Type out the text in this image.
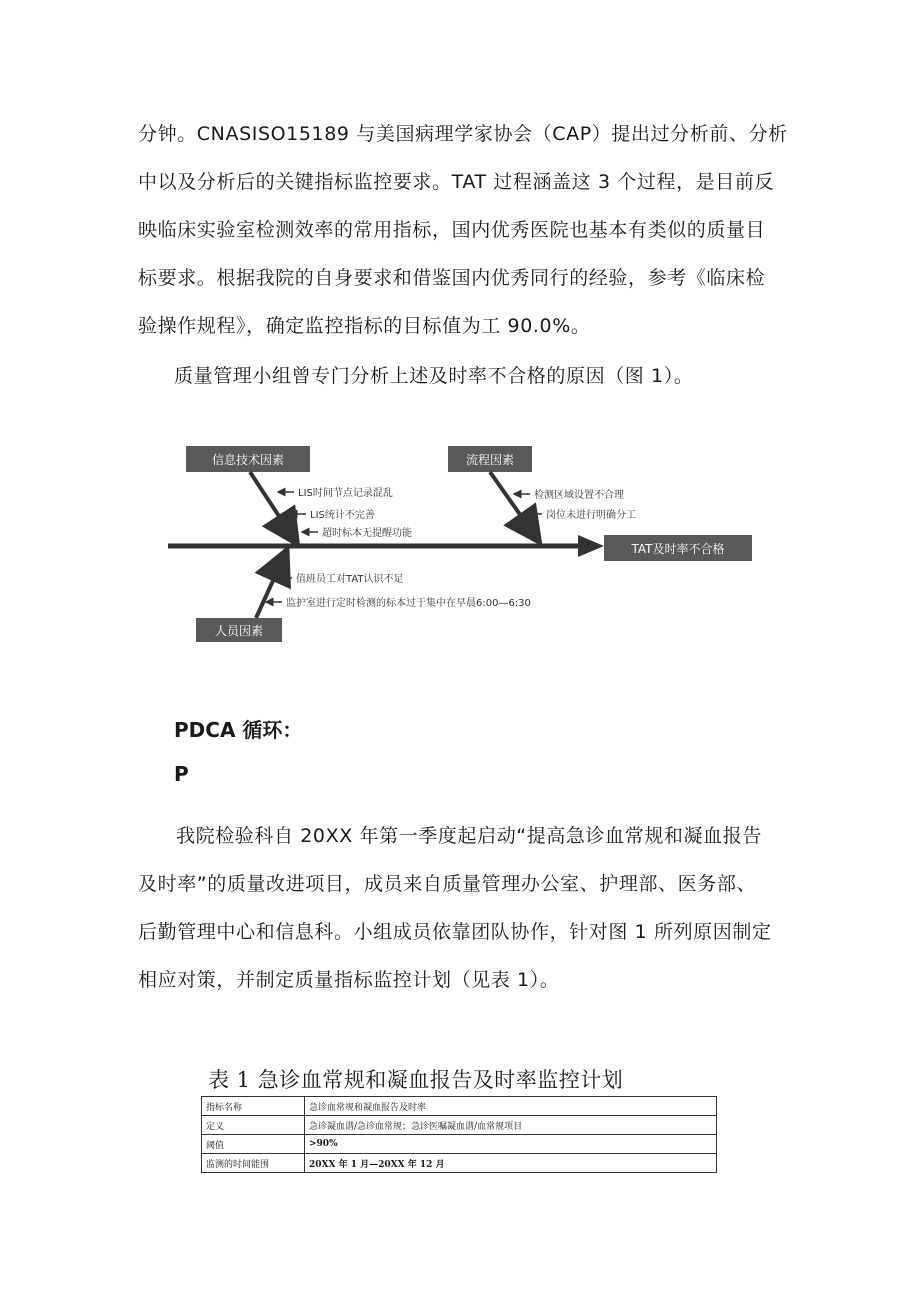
分钟。CNASISO15189 与美国病理学家协会（CAP）提出过分析前、分析
中以及分析后的关键指标监控要求。TAT 过程涵盖这 3 个过程，是目前反
映临床实验室检测效率的常用指标，国内优秀医院也基本有类似的质量目
标要求。根据我院的自身要求和借鉴国内优秀同行的经验，参考《临床检
验操作规程》，确定监控指标的目标值为工 90.0%。

质量管理小组曾专门分析上述及时率不合格的原因（图 1）。

TAT及时率不合格
信息技术因素
LIS时间节点记录混乱
LIS统计不完善
超时标本无提醒功能
流程因素
检测区域设置不合理
岗位未进行明确分工
人员因素
值班员工对TAT认识不足
监护室进行定时检测的标本过于集中在早晨6:00—6:30

PDCA 循环：

P

我院检验科自 20XX 年第一季度起启动“提高急诊血常规和凝血报告
及时率”的质量改进项目，成员来自质量管理办公室、护理部、医务部、
后勤管理中心和信息科。小组成员依靠团队协作，针对图 1 所列原因制定
相应对策，并制定质量指标监控计划（见表 1）。

表 1 急诊血常规和凝血报告及时率监控计划
指标名称	急诊血常规和凝血报告及时率
定义	急诊凝血谱/急诊血常规；急诊医嘱凝血谱/血常规项目
阈值	>90%
监测的时间能围	20XX 年 1 月—20XX 年 12 月
